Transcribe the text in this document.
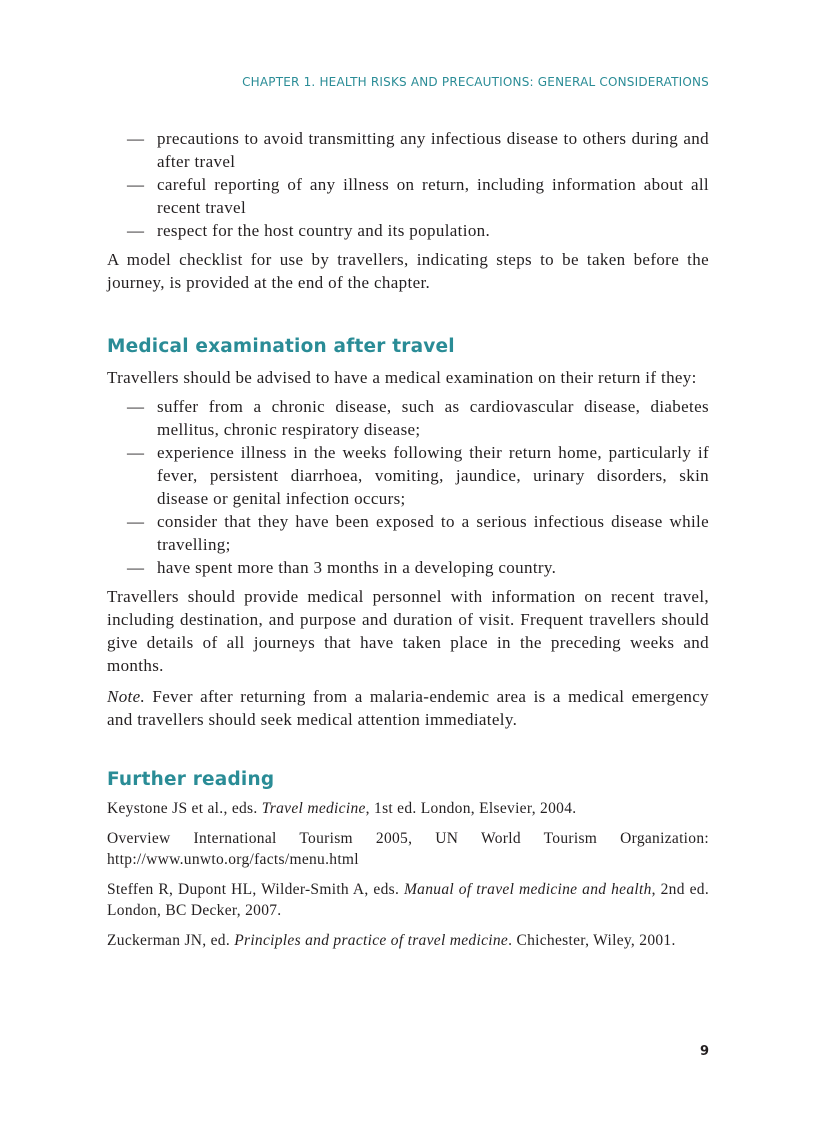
CHAPTER 1. HEALTH RISKS AND PRECAUTIONS: GENERAL CONSIDERATIONS
— precautions to avoid transmitting any infectious disease to others during and after travel
— careful reporting of any illness on return, including information about all recent travel
— respect for the host country and its population.

A model checklist for use by travellers, indicating steps to be taken before the journey, is provided at the end of the chapter.

Medical examination after travel

Travellers should be advised to have a medical examination on their return if they:

— suffer from a chronic disease, such as cardiovascular disease, diabetes mellitus, chronic respiratory disease;
— experience illness in the weeks following their return home, particularly if fever, persistent diarrhoea, vomiting, jaundice, urinary disorders, skin disease or genital infection occurs;
— consider that they have been exposed to a serious infectious disease while travelling;
— have spent more than 3 months in a developing country.

Travellers should provide medical personnel with information on recent travel, including destination, and purpose and duration of visit. Frequent travellers should give details of all journeys that have taken place in the preceding weeks and months.

Note. Fever after returning from a malaria-endemic area is a medical emergency and travellers should seek medical attention immediately.

Further reading

Keystone JS et al., eds. Travel medicine, 1st ed. London, Elsevier, 2004.

Overview International Tourism 2005, UN World Tourism Organization: http://www.unwto.org/facts/menu.html

Steffen R, Dupont HL, Wilder-Smith A, eds. Manual of travel medicine and health, 2nd ed. London, BC Decker, 2007.

Zuckerman JN, ed. Principles and practice of travel medicine. Chichester, Wiley, 2001.

9
